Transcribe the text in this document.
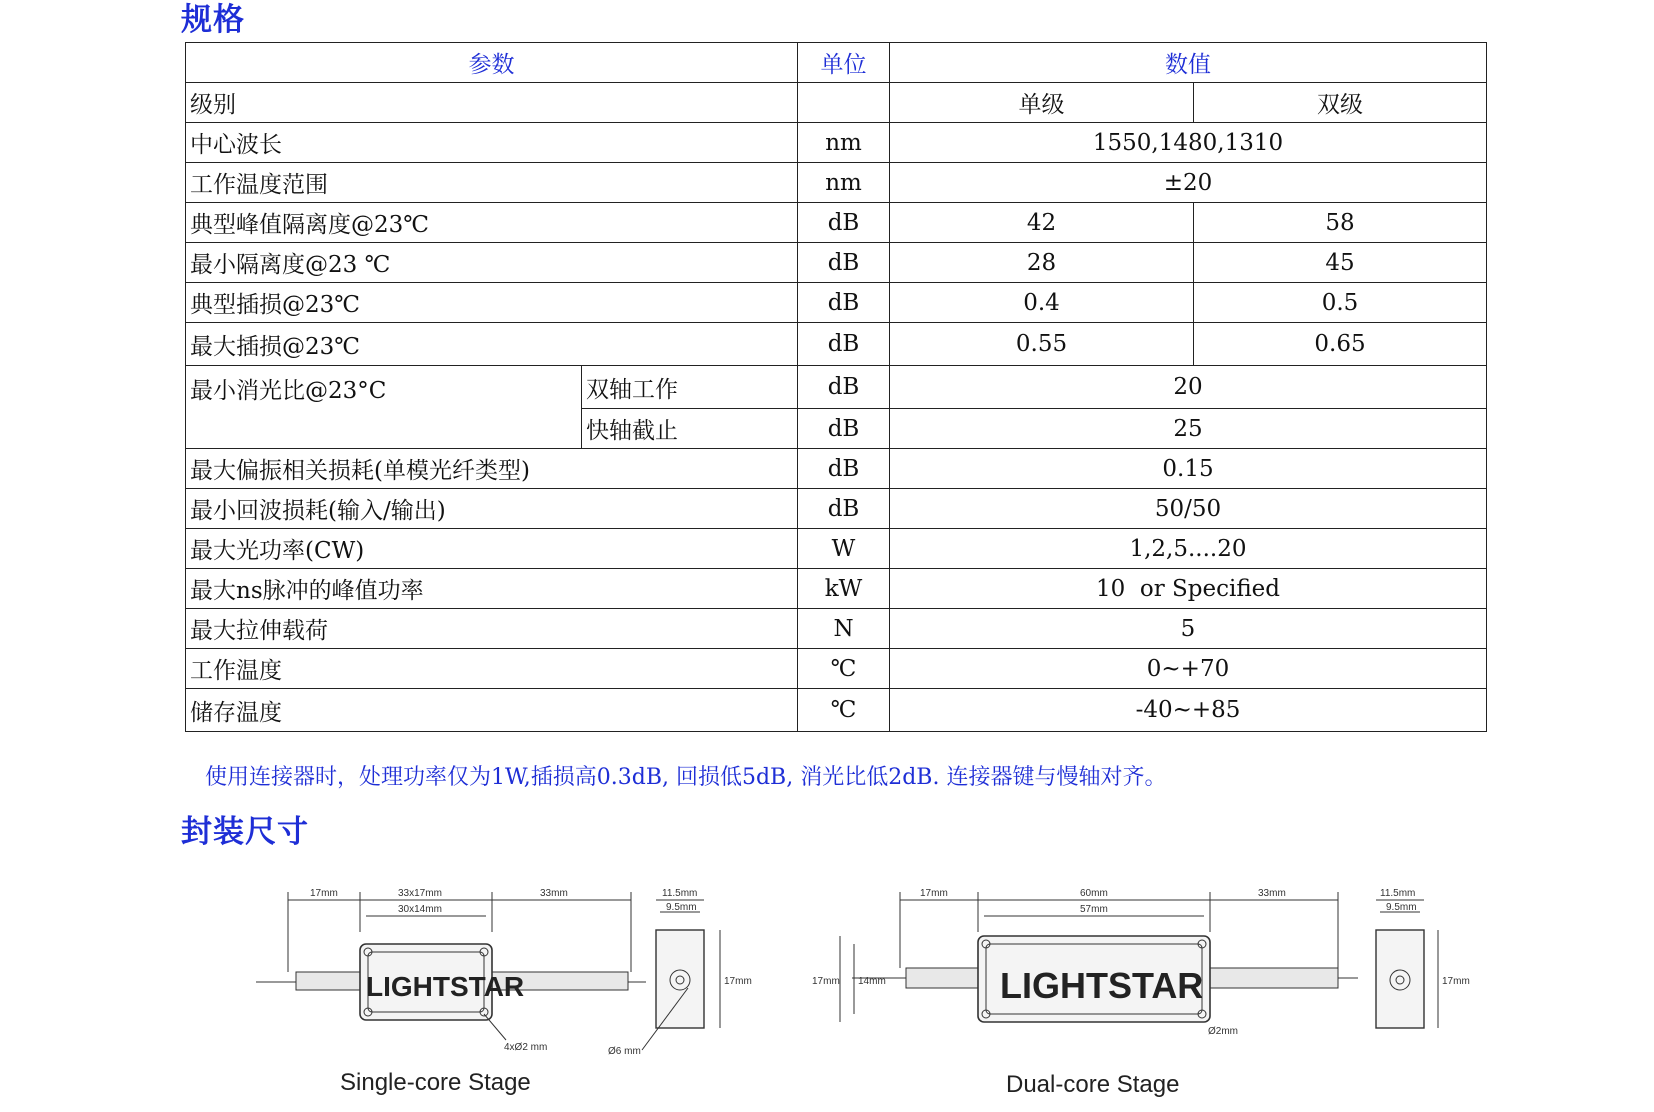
规格
参数		单位	数值	
级别			单级	双级
中心波长		nm	1550,1480,1310	
工作温度范围		nm	±20	
典型峰值隔离度@23℃		dB	42	58
最小隔离度@23 ℃		dB	28	45
典型插损@23℃		dB	0.4	0.5
最大插损@23℃		dB	0.55	0.65
最小消光比@23°C	双轴工作	dB	20	
	快轴截止	dB	25	
最大偏振相关损耗(单模光纤类型)		dB	0.15	
最小回波损耗(输入/输出)		dB	50/50	
最大光功率(CW)		W	1,2,5....20	
最大ns脉冲的峰值功率		kW	10  or Specified	
最大拉伸载荷		N	5	
工作温度		℃	0~+70	
储存温度		℃	-40~+85	
使用连接器时，处理功率仅为1W,插损高0.3dB, 回损低5dB, 消光比低2dB. 连接器键与慢轴对齐。
封装尺寸
17mm	33x17mm
30x14mm
33mm	11.5mm
9.5mm
17mm
4xØ2 mm	Ø6 mm
LIGHTSTAR
Single-core Stage
17mm	60mm
57mm
33mm	11.5mm
9.5mm
17mm 14mm	17mm
Ø2mm
LIGHTSTAR
Dual-core Stage
